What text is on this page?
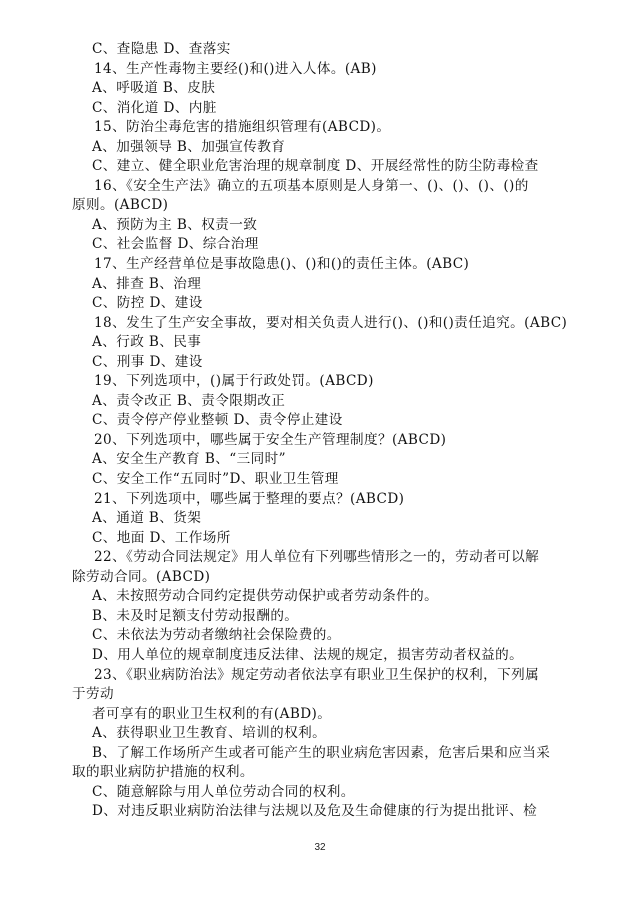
C、查隐患 D、查落实
14、生产性毒物主要经()和()进入人体。(AB)
A、呼吸道 B、皮肤
C、消化道 D、内脏
15、防治尘毒危害的措施组织管理有(ABCD)。
A、加强领导 B、加强宣传教育
C、建立、健全职业危害治理的规章制度 D、开展经常性的防尘防毒检查
16、《安全生产法》确立的五项基本原则是人身第一、()、()、()、()的
原则。(ABCD)
A、预防为主 B、权责一致
C、社会监督 D、综合治理
17、生产经营单位是事故隐患()、()和()的责任主体。(ABC)
A、排查 B、治理
C、防控 D、建设
18、发生了生产安全事故，要对相关负责人进行()、()和()责任追究。(ABC)
A、行政 B、民事
C、刑事 D、建设
19、下列选项中，()属于行政处罚。(ABCD)
A、责令改正 B、责令限期改正
C、责令停产停业整顿 D、责令停止建设
20、下列选项中，哪些属于安全生产管理制度？(ABCD)
A、安全生产教育 B、“三同时”
C、安全工作“五同时”D、职业卫生管理
21、下列选项中，哪些属于整理的要点？(ABCD)
A、通道 B、货架
C、地面 D、工作场所
22、《劳动合同法规定》用人单位有下列哪些情形之一的，劳动者可以解
除劳动合同。(ABCD)
A、未按照劳动合同约定提供劳动保护或者劳动条件的。
B、未及时足额支付劳动报酬的。
C、未依法为劳动者缴纳社会保险费的。
D、用人单位的规章制度违反法律、法规的规定，损害劳动者权益的。
23、《职业病防治法》规定劳动者依法享有职业卫生保护的权利，下列属
于劳动
者可享有的职业卫生权利的有(ABD)。
A、获得职业卫生教育、培训的权利。
B、了解工作场所产生或者可能产生的职业病危害因素，危害后果和应当采
取的职业病防护措施的权利。
C、随意解除与用人单位劳动合同的权利。
D、对违反职业病防治法律与法规以及危及生命健康的行为提出批评、检
32
